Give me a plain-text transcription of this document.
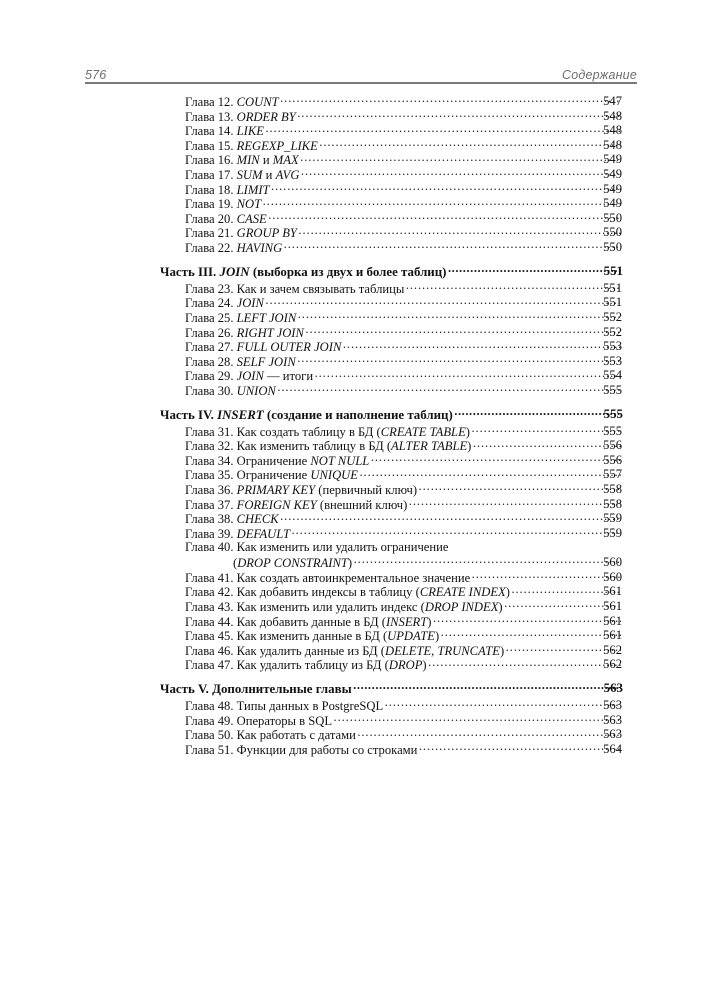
576	Содержание
Глава 12. COUNT .....	547
Глава 13. ORDER BY .....	548
Глава 14. LIKE .....	548
Глава 15. REGEXP_LIKE .....	548
Глава 16. MIN и MAX .....	549
Глава 17. SUM и AVG .....	549
Глава 18. LIMIT .....	549
Глава 19. NOT .....	549
Глава 20. CASE .....	550
Глава 21. GROUP BY .....	550
Глава 22. HAVING .....	550
Часть III. JOIN (выборка из двух и более таблиц) .....	551
Глава 23. Как и зачем связывать таблицы .....	551
Глава 24. JOIN .....	551
Глава 25. LEFT JOIN .....	552
Глава 26. RIGHT JOIN .....	552
Глава 27. FULL OUTER JOIN .....	553
Глава 28. SELF JOIN .....	553
Глава 29. JOIN — итоги .....	554
Глава 30. UNION .....	555
Часть IV. INSERT (создание и наполнение таблиц) .....	555
Глава 31. Как создать таблицу в БД (CREATE TABLE) .....	555
Глава 32. Как изменить таблицу в БД (ALTER TABLE) .....	556
Глава 34. Ограничение NOT NULL .....	556
Глава 35. Ограничение UNIQUE .....	557
Глава 36. PRIMARY KEY (первичный ключ) .....	558
Глава 37. FOREIGN KEY (внешний ключ) .....	558
Глава 38. CHECK .....	559
Глава 39. DEFAULT .....	559
Глава 40. Как изменить или удалить ограничение
(DROP CONSTRAINT) .....	560
Глава 41. Как создать автоинкрементальное значение .....	560
Глава 42. Как добавить индексы в таблицу (CREATE INDEX) .....	561
Глава 43. Как изменить или удалить индекс (DROP INDEX) .....	561
Глава 44. Как добавить данные в БД (INSERT) .....	561
Глава 45. Как изменить данные в БД (UPDATE) .....	561
Глава 46. Как удалить данные из БД (DELETE, TRUNCATE) .....	562
Глава 47. Как удалить таблицу из БД (DROP) .....	562
Часть V. Дополнительные главы .....	563
Глава 48. Типы данных в PostgreSQL .....	563
Глава 49. Операторы в SQL .....	563
Глава 50. Как работать с датами .....	563
Глава 51. Функции для работы со строками .....	564
